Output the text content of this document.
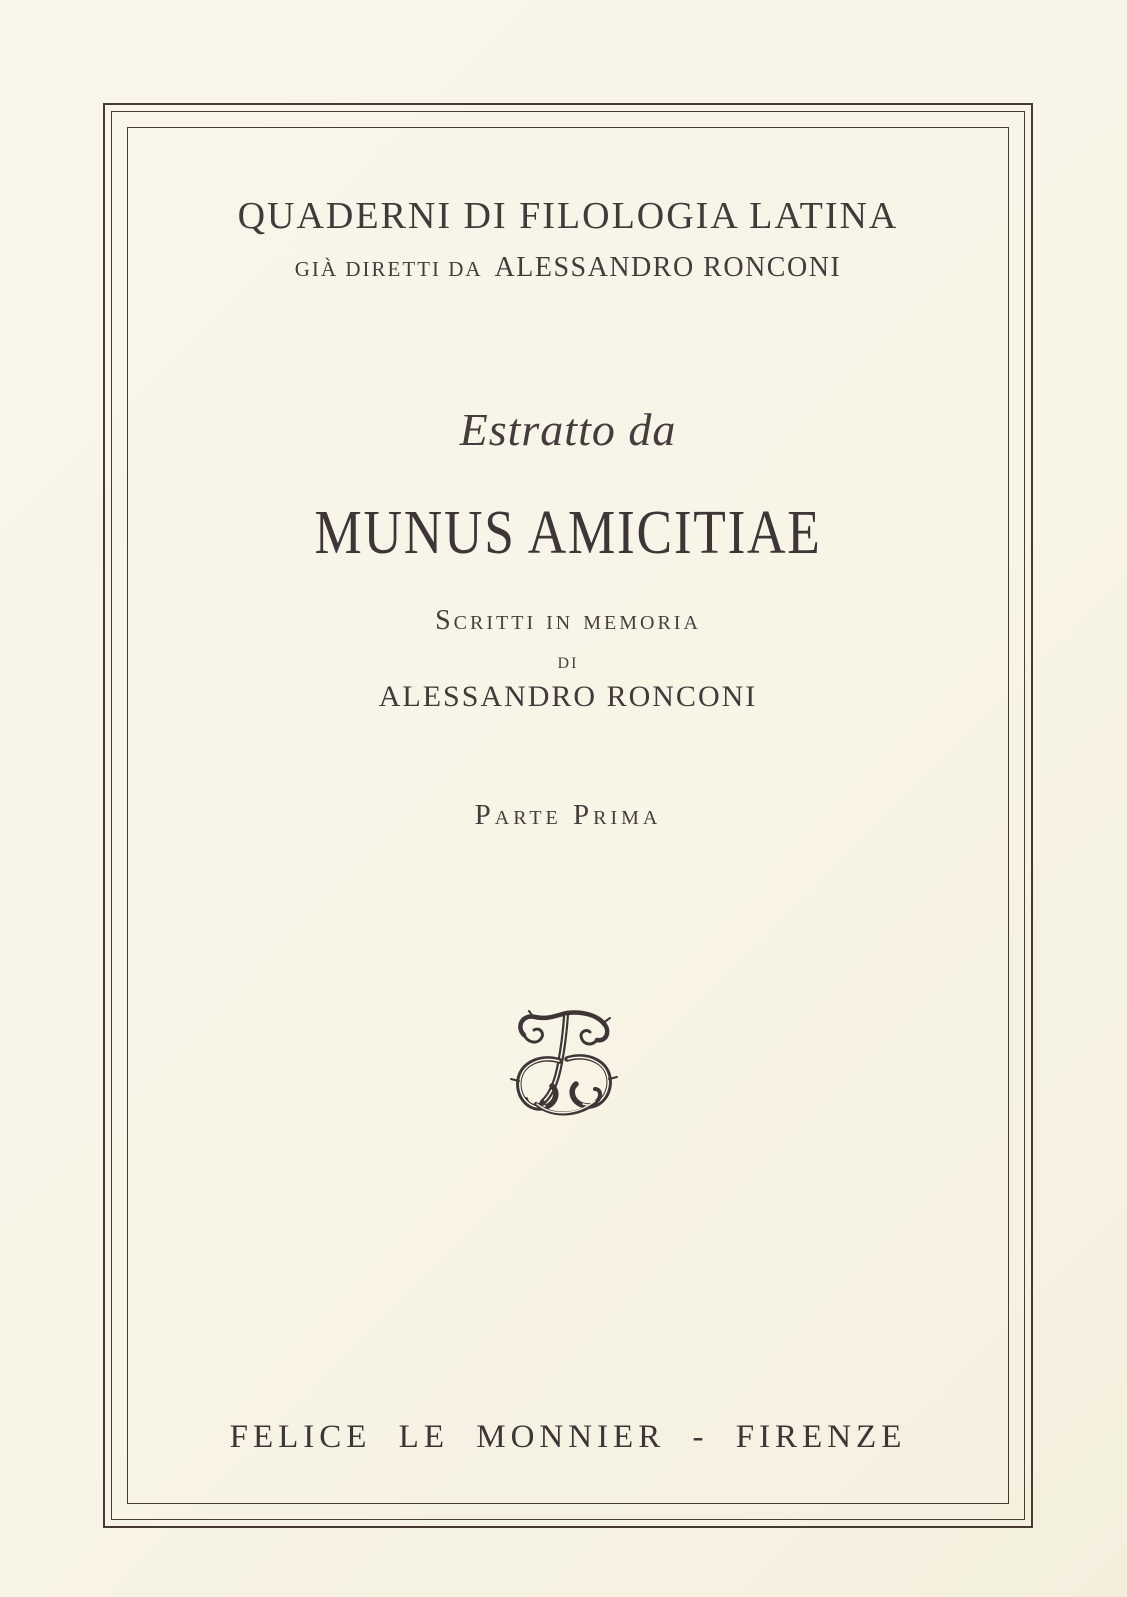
QUADERNI DI FILOLOGIA LATINA
GIÀ DIRETTI DA ALESSANDRO RONCONI
Estratto da
MUNUS AMICITIAE
Scritti in memoria
di
ALESSANDRO RONCONI
Parte Prima
FELICE LE MONNIER - FIRENZE
